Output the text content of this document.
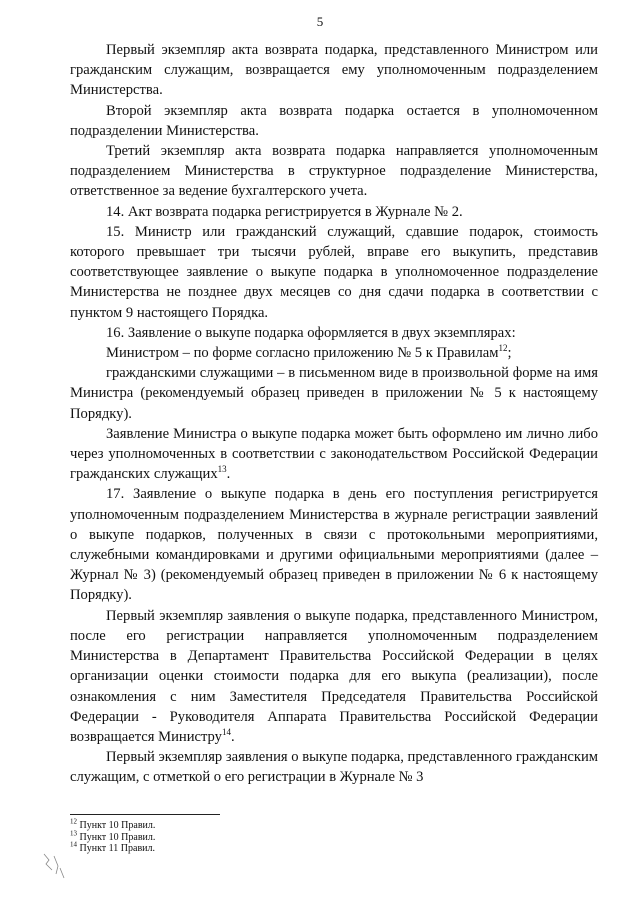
5

Первый экземпляр акта возврата подарка, представленного Министром или гражданским служащим, возвращается ему уполномоченным подразделением Министерства.

Второй экземпляр акта возврата подарка остается в уполномоченном подразделении Министерства.

Третий экземпляр акта возврата подарка направляется уполномоченным подразделением Министерства в структурное подразделение Министерства, ответственное за ведение бухгалтерского учета.

14. Акт возврата подарка регистрируется в Журнале № 2.

15. Министр или гражданский служащий, сдавшие подарок, стоимость которого превышает три тысячи рублей, вправе его выкупить, представив соответствующее заявление о выкупе подарка в уполномоченное подразделение Министерства не позднее двух месяцев со дня сдачи подарка в соответствии с пунктом 9 настоящего Порядка.

16. Заявление о выкупе подарка оформляется в двух экземплярах:

Министром – по форме согласно приложению № 5 к Правилам$^{12}$;

гражданскими служащими – в письменном виде в произвольной форме на имя Министра (рекомендуемый образец приведен в приложении № 5 к настоящему Порядку).

Заявление Министра о выкупе подарка может быть оформлено им лично либо через уполномоченных в соответствии с законодательством Российской Федерации гражданских служащих$^{13}$.

17. Заявление о выкупе подарка в день его поступления регистрируется уполномоченным подразделением Министерства в журнале регистрации заявлений о выкупе подарков, полученных в связи с протокольными мероприятиями, служебными командировками и другими официальными мероприятиями (далее – Журнал № 3) (рекомендуемый образец приведен в приложении № 6 к настоящему Порядку).

Первый экземпляр заявления о выкупе подарка, представленного Министром, после его регистрации направляется уполномоченным подразделением Министерства в Департамент Правительства Российской Федерации в целях организации оценки стоимости подарка для его выкупа (реализации), после ознакомления с ним Заместителя Председателя Правительства Российской Федерации - Руководителя Аппарата Правительства Российской Федерации возвращается Министру$^{14}$.

Первый экземпляр заявления о выкупе подарка, представленного гражданским служащим, с отметкой о его регистрации в Журнале № 3

$^{12}$ Пункт 10 Правил.
$^{13}$ Пункт 10 Правил.
$^{14}$ Пункт 11 Правил.
